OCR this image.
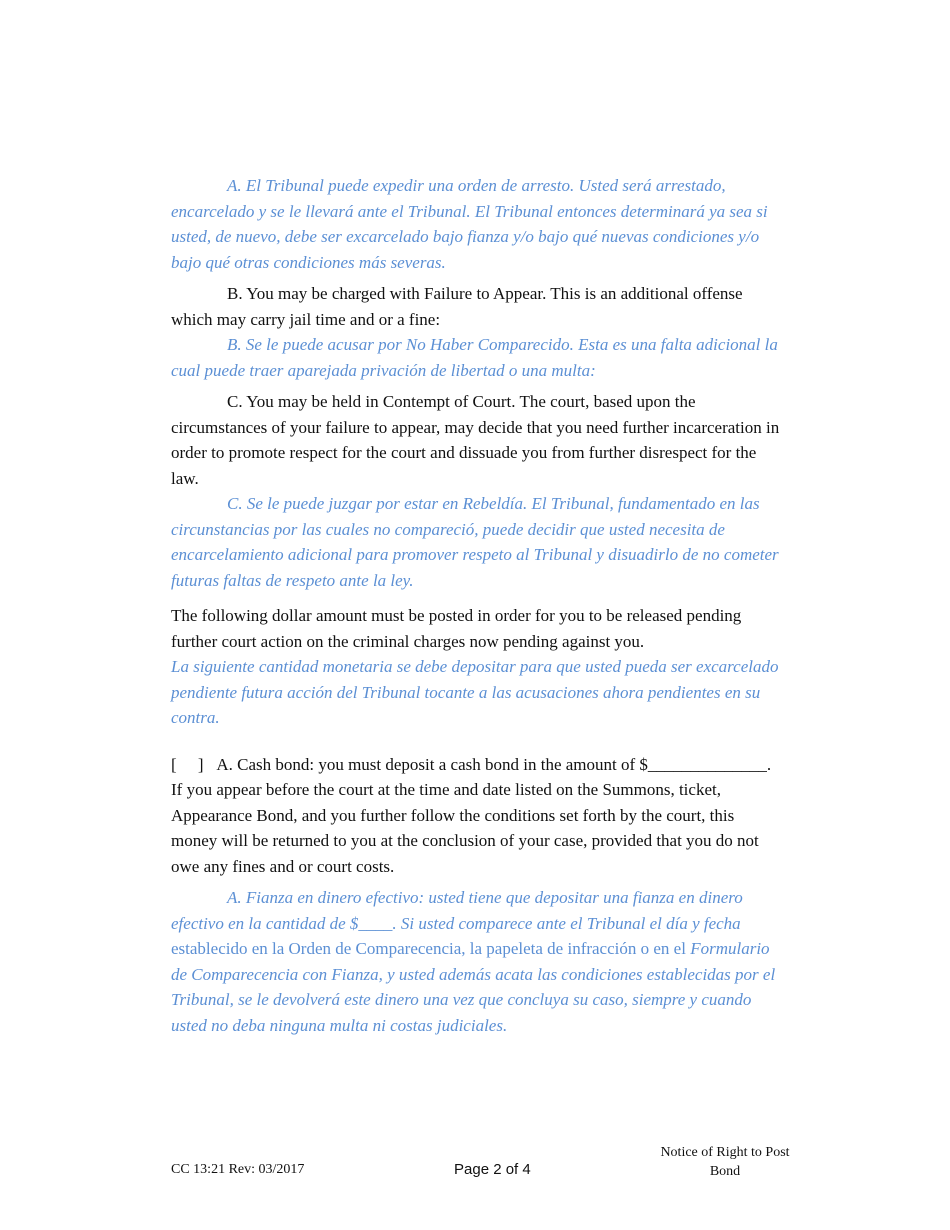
A. El Tribunal puede expedir una orden de arresto. Usted será arrestado, encarcelado y se le llevará ante el Tribunal. El Tribunal entonces determinará ya sea si usted, de nuevo, debe ser excarcelado bajo fianza y/o bajo qué nuevas condiciones y/o bajo qué otras condiciones más severas.

B. You may be charged with Failure to Appear. This is an additional offense which may carry jail time and or a fine:

B. Se le puede acusar por No Haber Comparecido. Esta es una falta adicional la cual puede traer aparejada privación de libertad o una multa:

C. You may be held in Contempt of Court. The court, based upon the circumstances of your failure to appear, may decide that you need further incarceration in order to promote respect for the court and dissuade you from further disrespect for the law.

C. Se le puede juzgar por estar en Rebeldía. El Tribunal, fundamentado en las circunstancias por las cuales no compareció, puede decidir que usted necesita de encarcelamiento adicional para promover respeto al Tribunal y disuadirlo de no cometer futuras faltas de respeto ante la ley.

The following dollar amount must be posted in order for you to be released pending further court action on the criminal charges now pending against you.

La siguiente cantidad monetaria se debe depositar para que usted pueda ser excarcelado pendiente futura acción del Tribunal tocante a las acusaciones ahora pendientes en su contra.

[     ] A. Cash bond: you must deposit a cash bond in the amount of $______________. If you appear before the court at the time and date listed on the Summons, ticket, Appearance Bond, and you further follow the conditions set forth by the court, this money will be returned to you at the conclusion of your case, provided that you do not owe any fines and or court costs.

A. Fianza en dinero efectivo: usted tiene que depositar una fianza en dinero efectivo en la cantidad de $____. Si usted comparece ante el Tribunal el día y fecha establecido en la Orden de Comparecencia, la papeleta de infracción o en el Formulario de Comparecencia con Fianza, y usted además acata las condiciones establecidas por el Tribunal, se le devolverá este dinero una vez que concluya su caso, siempre y cuando usted no deba ninguna multa ni costas judiciales.

CC 13:21 Rev: 03/2017	Page 2 of 4
Notice of Right to Post Bond
